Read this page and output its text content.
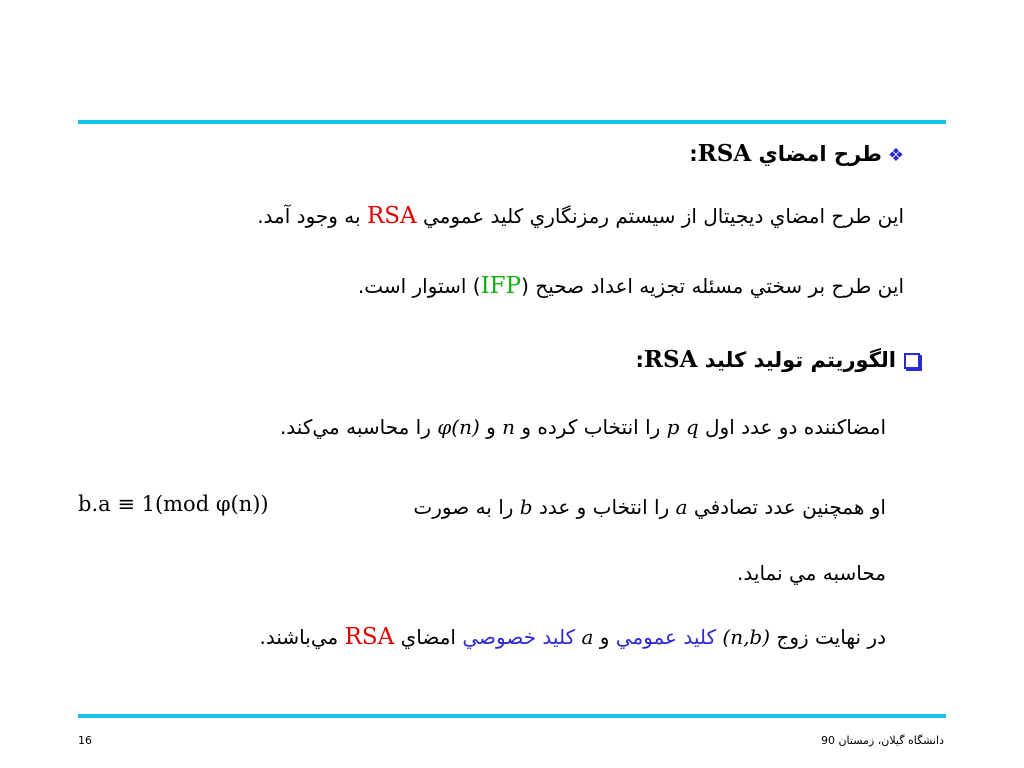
❖طرح امضاي RSA:
اين طرح امضاي ديجيتال از سيستم رمزنگاري كليد عمومي RSA به وجود آمد.
اين طرح بر سختي مسئله تجزيه اعداد صحيح (IFP) استوار است.
الگوريتم توليد كليد RSA:
امضاكننده دو عدد اول p q را انتخاب كرده و n و φ(n) را محاسبه مي‌كند.
او همچنين عدد تصادفي a را انتخاب و عدد b را به صورت
b.a ≡ 1(mod φ(n))
محاسبه مي نمايد.
در نهايت زوج (n,b) كليد عمومي و a كليد خصوصي امضاي RSA مي‌باشند.
16	دانشگاه گيلان، زمستان 90
